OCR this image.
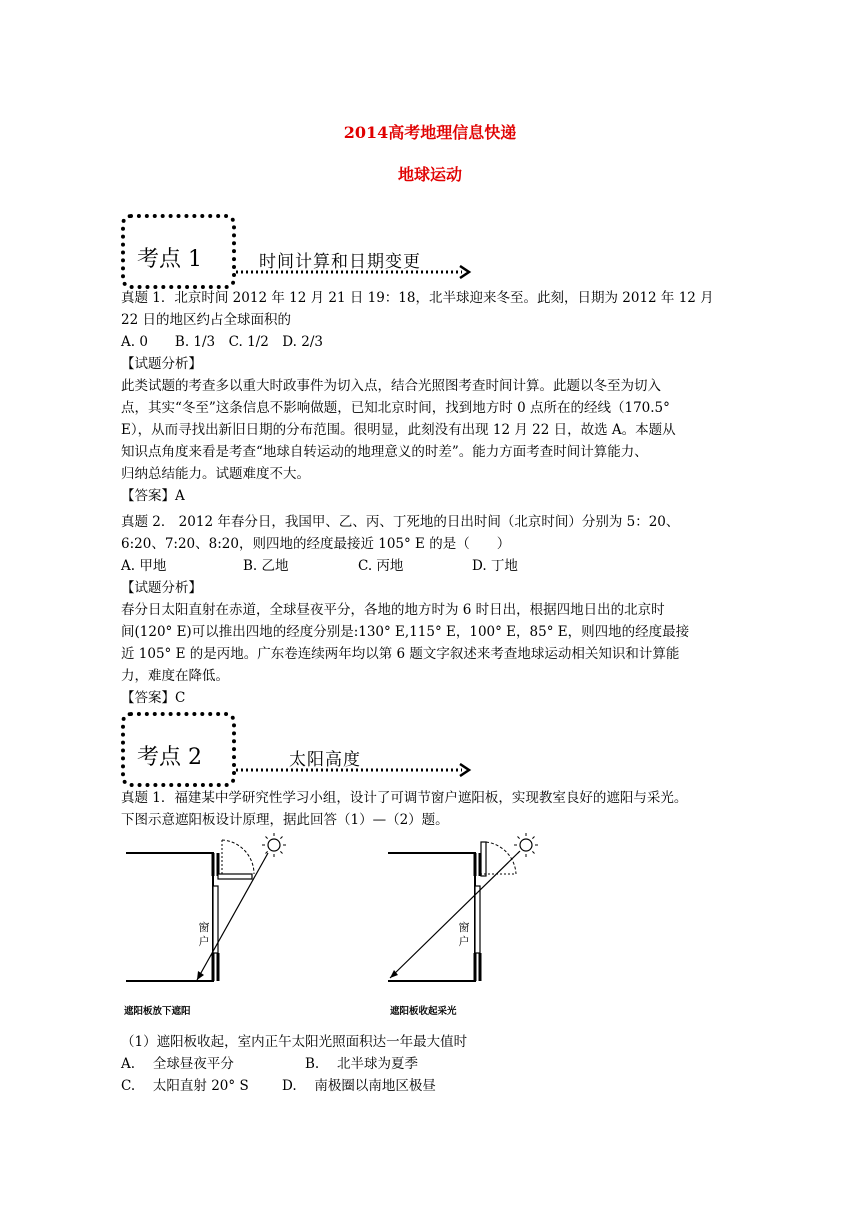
2014高考地理信息快递
地球运动
考点 1	时间计算和日期变更
真题 1．北京时间 2012 年 12 月 21 日 19：18，北半球迎来冬至。此刻，日期为 2012 年 12 月
22 日的地区约占全球面积的
A. 0　　B. 1/3　C. 1/2　D. 2/3
【试题分析】
此类试题的考查多以重大时政事件为切入点，结合光照图考查时间计算。此题以冬至为切入
点，其实“冬至”这条信息不影响做题，已知北京时间，找到地方时 0 点所在的经线（170.5°
E），从而寻找出新旧日期的分布范围。很明显，此刻没有出现 12 月 22 日，故选 A。本题从
知识点角度来看是考查“地球自转运动的地理意义的时差”。能力方面考查时间计算能力、
归纳总结能力。试题难度不大。
【答案】A
真题 2． 2012 年春分日，我国甲、乙、丙、丁死地的日出时间（北京时间）分别为 5：20、
6:20、7:20、8:20，则四地的经度最接近 105° E 的是（　　）
A. 甲地	B. 乙地	C. 丙地	D. 丁地
【试题分析】
春分日太阳直射在赤道，全球昼夜平分，各地的地方时为 6 时日出，根据四地日出的北京时
间(120° E)可以推出四地的经度分别是:130° E,115° E，100° E，85° E，则四地的经度最接
近 105° E 的是丙地。广东卷连续两年均以第 6 题文字叙述来考查地球运动相关知识和计算能
力，难度在降低。
【答案】C
考点 2	太阳高度
真题 1．福建某中学研究性学习小组，设计了可调节窗户遮阳板，实现教室良好的遮阳与采光。
下图示意遮阳板设计原理，据此回答（1）—（2）题。
窗
户
遮阳板放下遮阳
窗
户
遮阳板收起采光
（1）遮阳板收起，室内正午太阳光照面积达一年最大值时
A.　 全球昼夜平分	B.　 北半球为夏季
C.　 太阳直射 20° S D.　 南极圈以南地区极昼
